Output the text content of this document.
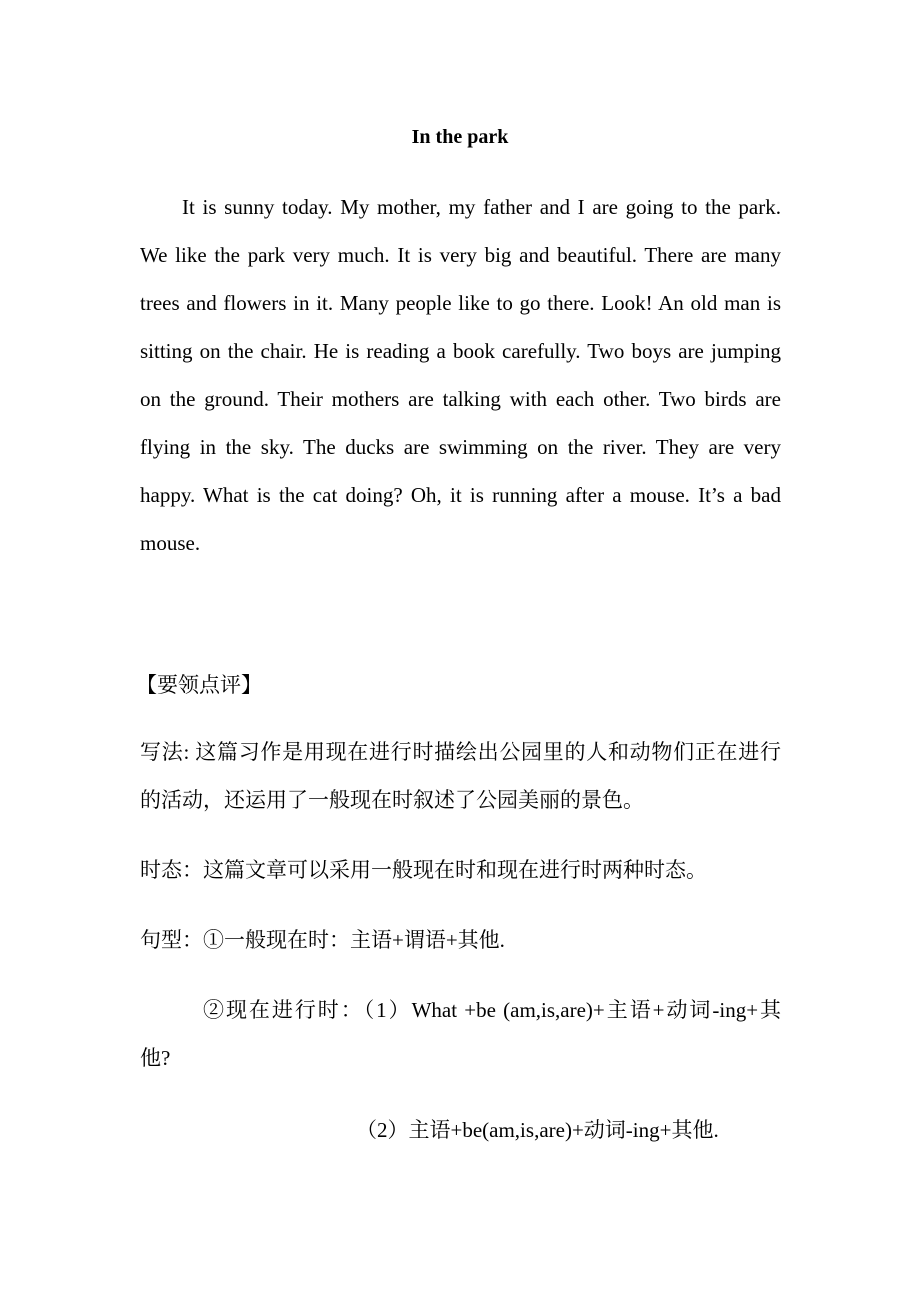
In the park
It is sunny today. My mother, my father and I are going to the park.
We like the park very much. It is very big and beautiful. There are many
trees and flowers in it. Many people like to go there. Look! An old man is
sitting on the chair. He is reading a book carefully. Two boys are jumping
on the ground. Their mothers are talking with each other. Two birds are
flying in the sky. The ducks are swimming on the river. They are very
happy. What is the cat doing? Oh, it is running after a mouse. It’s a bad
mouse.
【要领点评】
写法: 这篇习作是用现在进行时描绘出公园里的人和动物们正在进行
的活动，还运用了一般现在时叙述了公园美丽的景色。
时态：这篇文章可以采用一般现在时和现在进行时两种时态。
句型：①一般现在时：主语+谓语+其他.
②现在进行时：（1）What +be (am,is,are)+主语+动词-ing+其
他?
（2）主语+be(am,is,are)+动词-ing+其他.
